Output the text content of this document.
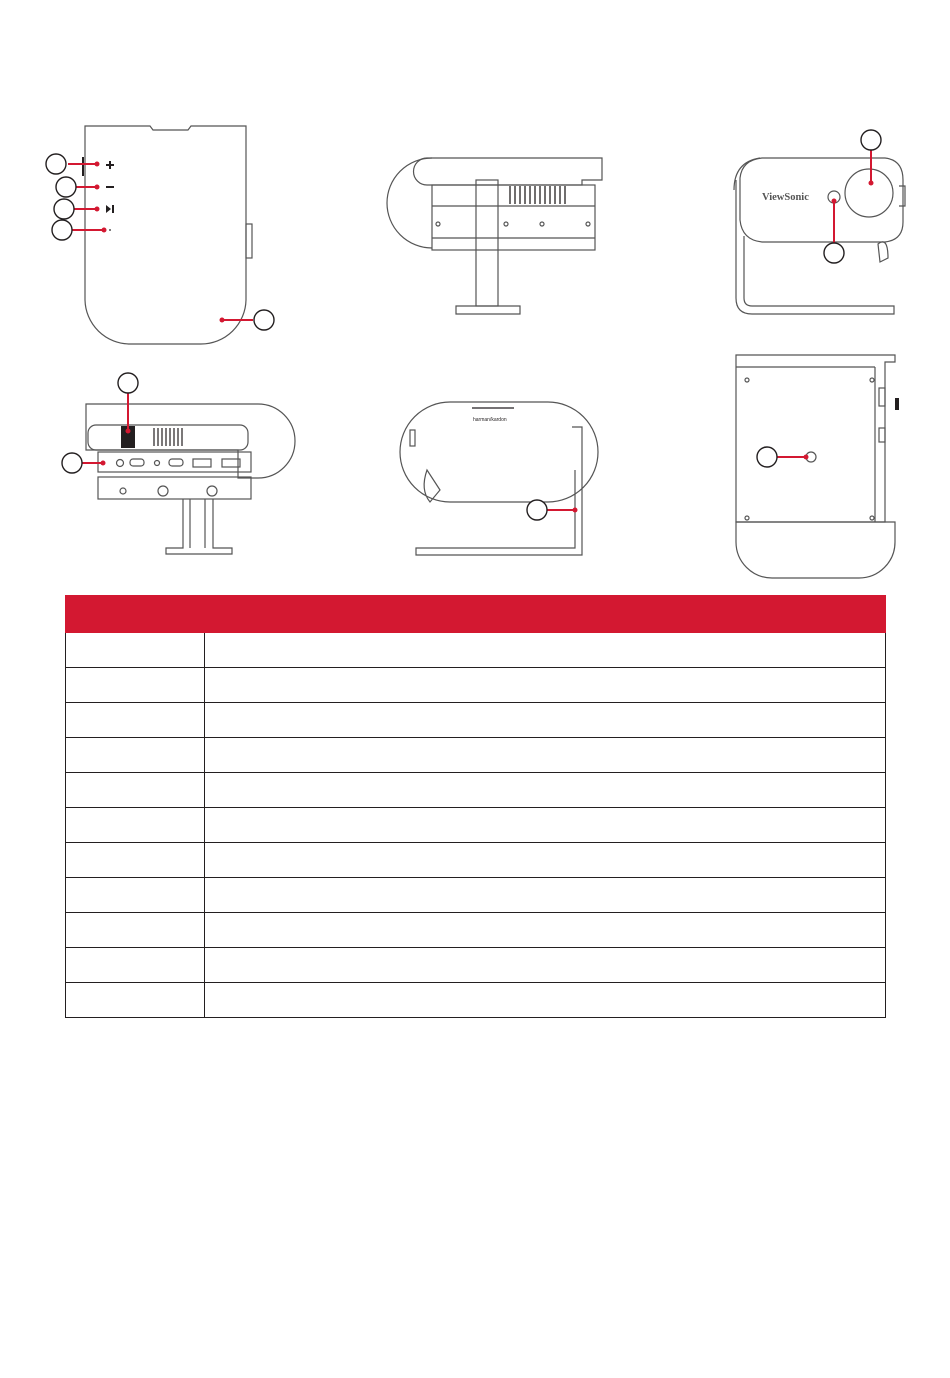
ViewSonic
harman/kardon
